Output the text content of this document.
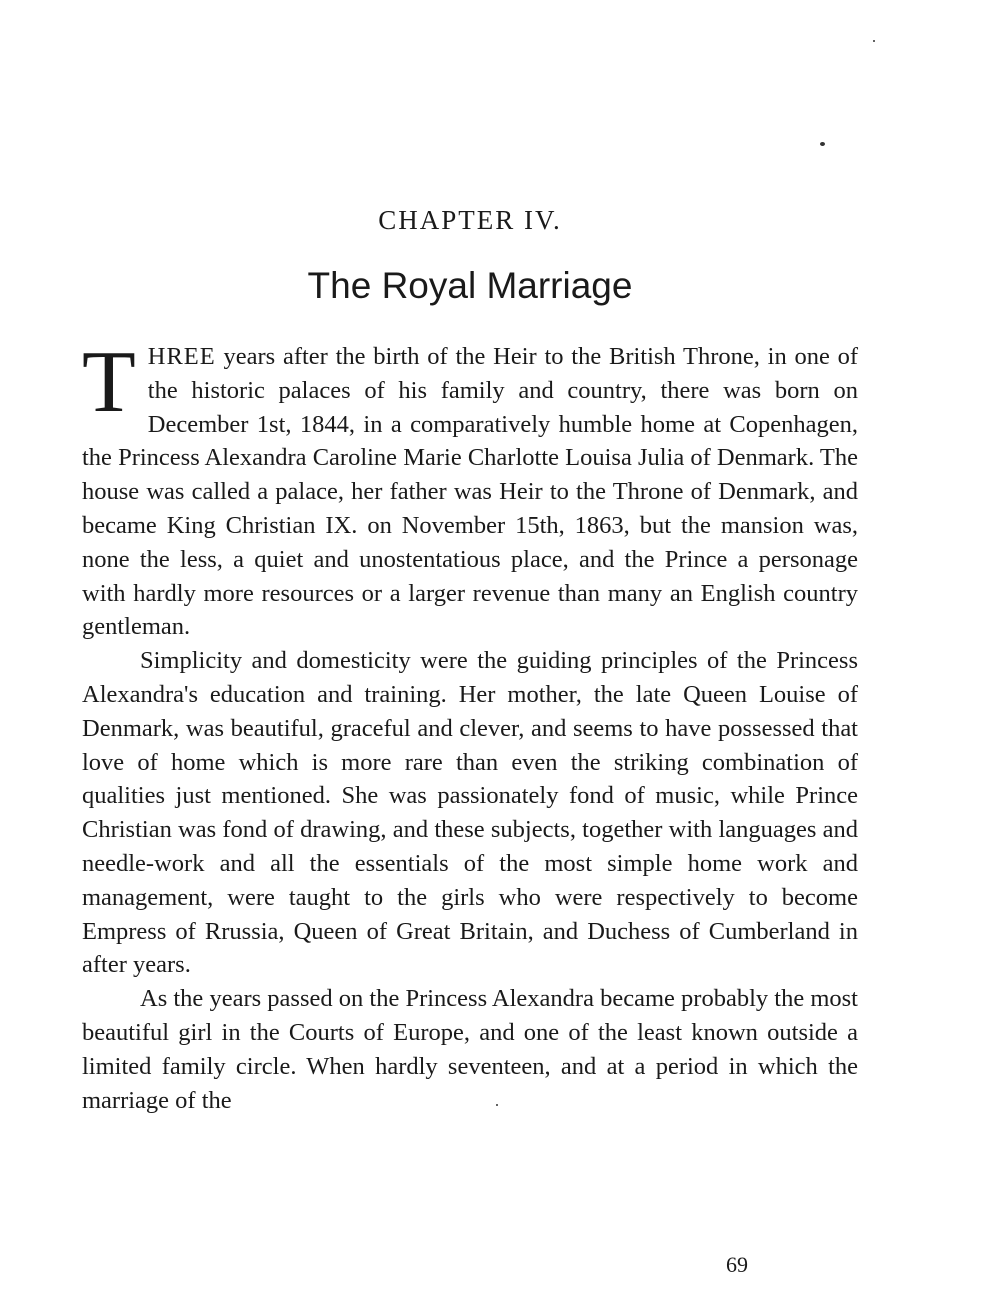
CHAPTER IV.
The Royal Marriage

THREE years after the birth of the Heir to the British Throne, in one of the historic palaces of his family and country, there was born on December 1st, 1844, in a comparatively humble home at Copenhagen, the Princess Alexandra Caroline Marie Charlotte Louisa Julia of Denmark. The house was called a palace, her father was Heir to the Throne of Denmark, and became King Christian IX. on November 15th, 1863, but the mansion was, none the less, a quiet and unostentatious place, and the Prince a personage with hardly more resources or a larger revenue than many an English country gentleman.

Simplicity and domesticity were the guiding principles of the Princess Alexandra's education and training. Her mother, the late Queen Louise of Denmark, was beautiful, graceful and clever, and seems to have possessed that love of home which is more rare than even the striking combination of qualities just mentioned. She was passionately fond of music, while Prince Christian was fond of drawing, and these subjects, together with languages and needle-work and all the essentials of the most simple home work and management, were taught to the girls who were respectively to become Empress of Rrussia, Queen of Great Britain, and Duchess of Cumberland in after years.

As the years passed on the Princess Alexandra became probably the most beautiful girl in the Courts of Europe, and one of the least known outside a limited family circle. When hardly seventeen, and at a period in which the marriage of the

69
